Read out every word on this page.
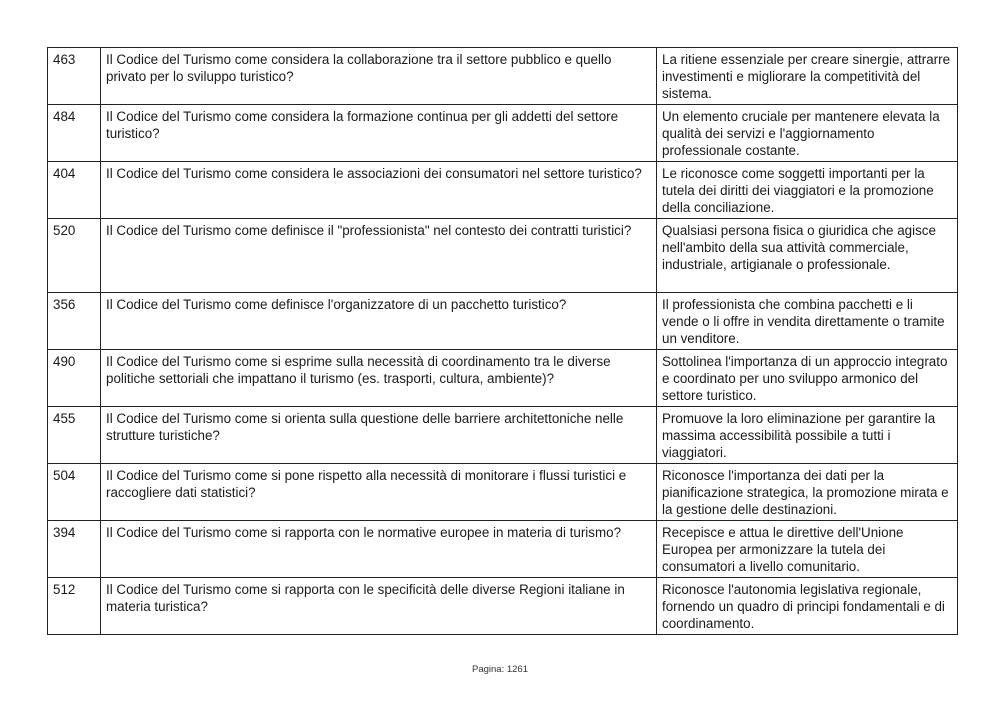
463	Il Codice del Turismo come considera la collaborazione tra il settore pubblico e quello privato per lo sviluppo turistico?	La ritiene essenziale per creare sinergie, attrarre investimenti e migliorare la competitività del sistema.
484	Il Codice del Turismo come considera la formazione continua per gli addetti del settore turistico?	Un elemento cruciale per mantenere elevata la qualità dei servizi e l'aggiornamento professionale costante.
404	Il Codice del Turismo come considera le associazioni dei consumatori nel settore turistico?	Le riconosce come soggetti importanti per la tutela dei diritti dei viaggiatori e la promozione della conciliazione.
520	Il Codice del Turismo come definisce il "professionista" nel contesto dei contratti turistici?	Qualsiasi persona fisica o giuridica che agisce nell'ambito della sua attività commerciale, industriale, artigianale o professionale.
356	Il Codice del Turismo come definisce l'organizzatore di un pacchetto turistico?	Il professionista che combina pacchetti e li vende o li offre in vendita direttamente o tramite un venditore.
490	Il Codice del Turismo come si esprime sulla necessità di coordinamento tra le diverse politiche settoriali che impattano il turismo (es. trasporti, cultura, ambiente)?	Sottolinea l'importanza di un approccio integrato e coordinato per uno sviluppo armonico del settore turistico.
455	Il Codice del Turismo come si orienta sulla questione delle barriere architettoniche nelle strutture turistiche?	Promuove la loro eliminazione per garantire la massima accessibilità possibile a tutti i viaggiatori.
504	Il Codice del Turismo come si pone rispetto alla necessità di monitorare i flussi turistici e raccogliere dati statistici?	Riconosce l'importanza dei dati per la pianificazione strategica, la promozione mirata e la gestione delle destinazioni.
394	Il Codice del Turismo come si rapporta con le normative europee in materia di turismo?	Recepisce e attua le direttive dell'Unione Europea per armonizzare la tutela dei consumatori a livello comunitario.
512	Il Codice del Turismo come si rapporta con le specificità delle diverse Regioni italiane in materia turistica?	Riconosce l'autonomia legislativa regionale, fornendo un quadro di principi fondamentali e di coordinamento.
Pagina: 1261
